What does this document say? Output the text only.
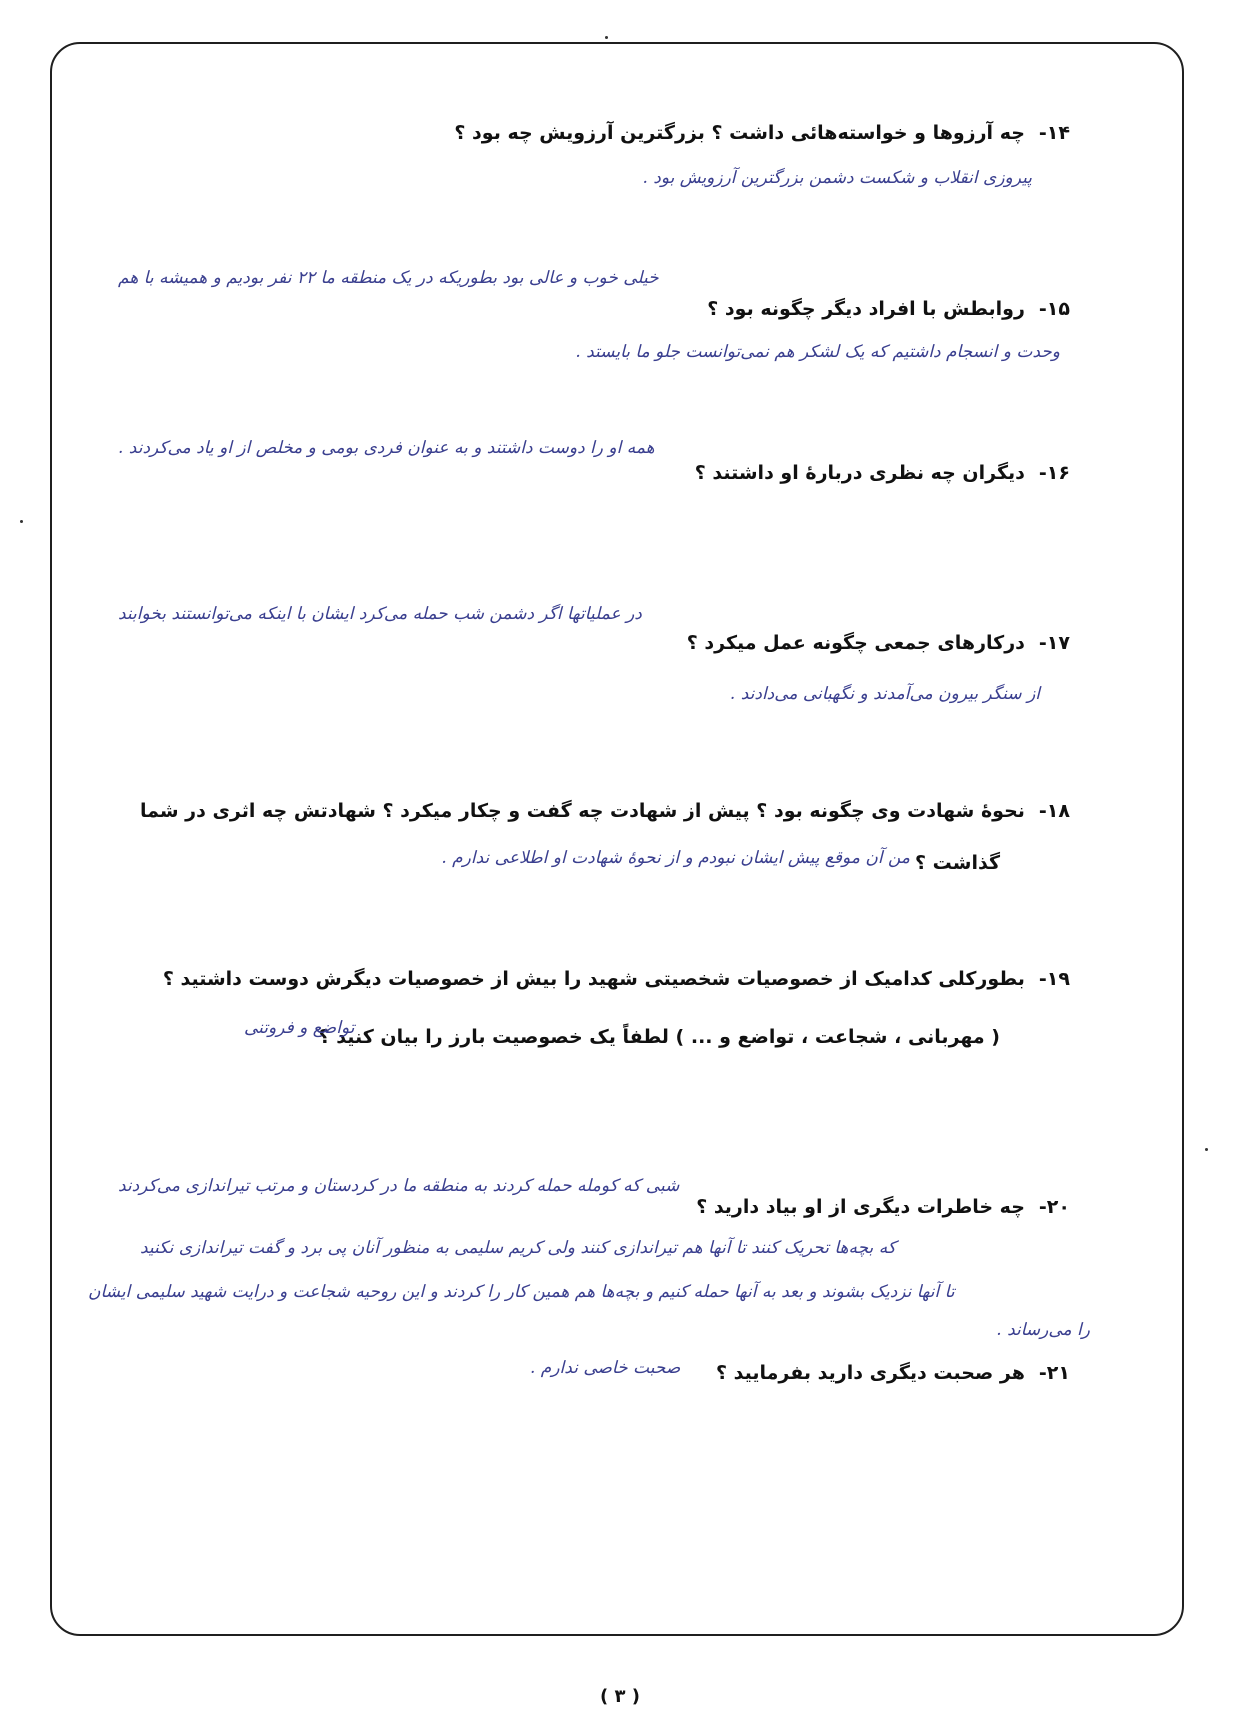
۱۴-چه آرزوها و خواسته‌هائی داشت ؟ بزرگترین آرزویش چه بود ؟
پیروزی انقلاب و شکست دشمن بزرگترین آرزویش بود .
خیلی خوب و عالی بود بطوریکه در یک منطقه ما ۲۲ نفر بودیم و همیشه با هم
۱۵-روابطش با افراد دیگر چگونه بود ؟
وحدت و انسجام داشتیم که یک لشکر هم نمی‌توانست جلو ما بایستد .
همه او را دوست داشتند و به عنوان فردی بومی و مخلص از او یاد می‌کردند .
۱۶-دیگران چه نظری دربارهٔ او داشتند ؟
در عملیاتها اگر دشمن شب حمله می‌کرد ایشان با اینکه می‌توانستند بخوابند
۱۷-درکارهای جمعی چگونه عمل میکرد ؟
از سنگر بیرون می‌آمدند و نگهبانی می‌دادند .
۱۸-نحوهٔ شهادت وی چگونه بود ؟ پیش از شهادت چه گفت و چکار میکرد ؟ شهادتش چه اثری در شما
گذاشت ؟
من آن موقع پیش ایشان نبودم و از نحوهٔ شهادت او اطلاعی ندارم .
۱۹-بطورکلی کدامیک از خصوصیات شخصیتی شهید را بیش از خصوصیات دیگرش دوست داشتید ؟
( مهربانی ، شجاعت ، تواضع و ... ) لطفاً یک خصوصیت بارز را بیان کنید ؟
تواضع و فروتنی
شبی که کومله حمله کردند به منطقه ما در کردستان و مرتب تیراندازی می‌کردند
۲۰-چه خاطرات دیگری از او بیاد دارید ؟
که بچه‌ها تحریک کنند تا آنها هم تیراندازی کنند ولی کریم سلیمی به منظور آنان پی برد و گفت تیراندازی نکنید
تا آنها نزدیک بشوند و بعد به آنها حمله کنیم و بچه‌ها هم همین کار را کردند و این روحیه شجاعت و درایت شهید سلیمی ایشان
را می‌رساند .
۲۱-هر صحبت دیگری دارید بفرمایید ؟
صحبت خاصی ندارم .
( ۳ )
